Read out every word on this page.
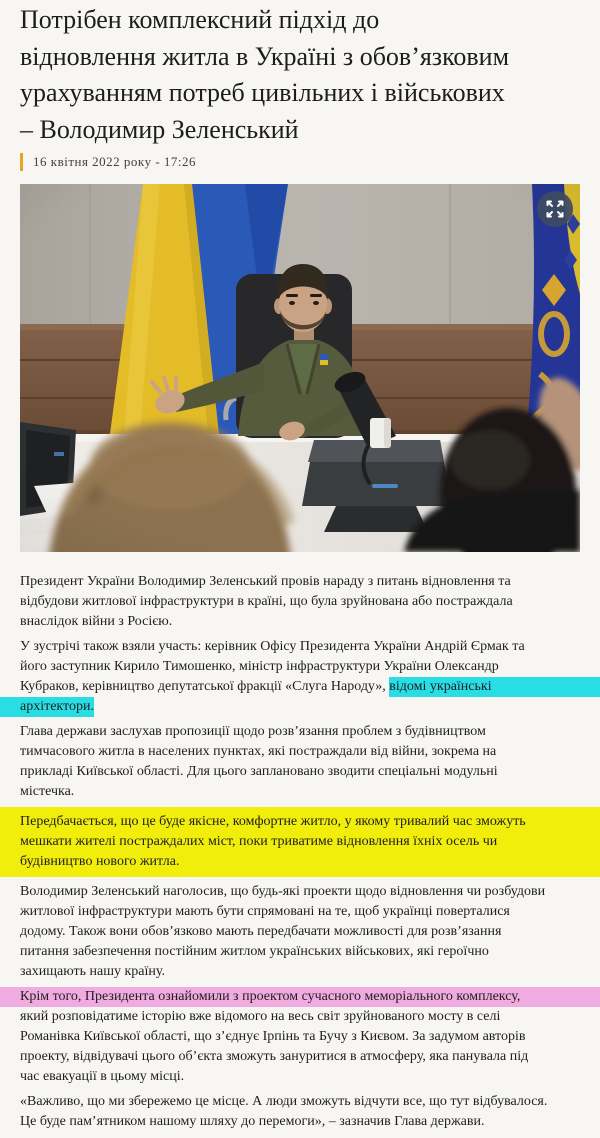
Потрібен комплексний підхід до
відновлення житла в Україні з обов’язковим
урахуванням потреб цивільних і військових
– Володимир Зеленський
16 квітня 2022 року - 17:26
Президент України Володимир Зеленський провів нараду з питань відновлення та
відбудови житлової інфраструктури в країні, що була зруйнована або постраждала
внаслідок війни з Росією.
У зустрічі також взяли участь: керівник Офісу Президента України Андрій Єрмак та
його заступник Кирило Тимошенко, міністр інфраструктури України Олександр
Кубраков, керівництво депутатської фракції «Слуга Народу», відомі українські
архітектори.
Глава держави заслухав пропозиції щодо розв’язання проблем з будівництвом
тимчасового житла в населених пунктах, які постраждали від війни, зокрема на
прикладі Київської області. Для цього заплановано зводити спеціальні модульні
містечка.
Передбачається, що це буде якісне, комфортне житло, у якому тривалий час зможуть
мешкати жителі постраждалих міст, поки триватиме відновлення їхніх осель чи
будівництво нового житла.
Володимир Зеленський наголосив, що будь-які проекти щодо відновлення чи розбудови
житлової інфраструктури мають бути спрямовані на те, щоб українці поверталися
додому. Також вони обов’язково мають передбачати можливості для розв’язання
питання забезпечення постійним житлом українських військових, які героїчно
захищають нашу країну.
Крім того, Президента ознайомили з проектом сучасного меморіального комплексу,
який розповідатиме історію вже відомого на весь світ зруйнованого мосту в селі
Романівка Київської області, що з’єднує Ірпінь та Бучу з Києвом. За задумом авторів
проекту, відвідувачі цього об’єкта зможуть зануритися в атмосферу, яка панувала під
час евакуації в цьому місці.
«Важливо, що ми збережемо це місце. А люди зможуть відчути все, що тут відбувалося.
Це буде пам’ятником нашому шляху до перемоги», – зазначив Глава держави.
